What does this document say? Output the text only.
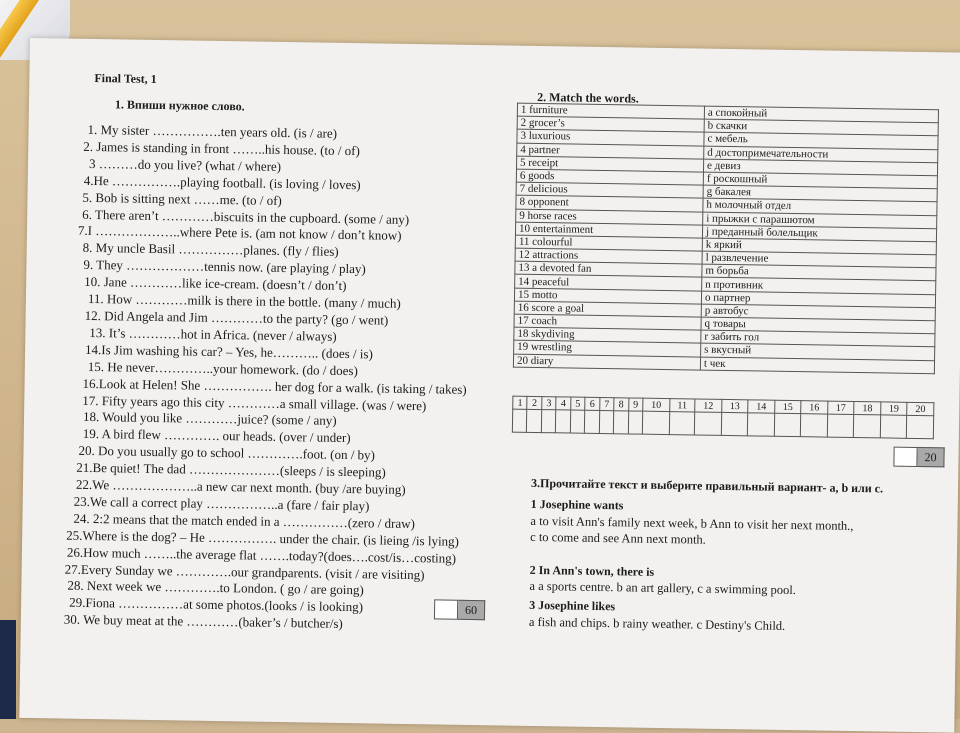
Final Test, 1
1. Впиши нужное слово.
1. My sister …………….ten years old. (is / are)
2. James is standing in front ……..his house. (to / of)
3 ………do you live? (what / where)
4.He …………….playing football. (is loving / loves)
5. Bob is sitting next ……me. (to / of)
6. There aren’t …………biscuits in the cupboard. (some / any)
7.I ………………..where Pete is. (am not know / don’t know)
8. My uncle Basil ……………planes. (fly / flies)
9. They ………………tennis now. (are playing / play)
10. Jane …………like ice-cream. (doesn’t / don’t)
11. How …………milk is there in the bottle. (many / much)
12. Did Angela and Jim …………to the party? (go / went)
13. It’s …………hot in Africa. (never / always)
14.Is Jim washing his car? – Yes, he……….. (does / is)
15. He never…………..your homework. (do / does)
16.Look at Helen! She ……………. her dog for a walk. (is taking / takes)
17. Fifty years ago this city …………a small village. (was / were)
18. Would you like …………juice? (some / any)
19. A bird flew …………. our heads. (over / under)
20. Do you usually go to school ………….foot. (on / by)
21.Be quiet! The dad …………………(sleeps / is sleeping)
22.We ………………..a new car next month. (buy /are buying)
23.We call a correct play ……………..a (fare / fair play)
24. 2:2 means that the match ended in a ……………(zero / draw)
25.Where is the dog? – He ……………. under the chair. (is lieing /is lying)
26.How much ……..the average flat …….today?(does….cost/is…costing)
27.Every Sunday we ………….our grandparents. (visit / are visiting)
28. Next week we ………….to London. ( go / are going)
29.Fiona ……………at some photos.(looks / is looking)
30. We buy meat at the …………(baker’s / butcher/s)
60
2. Match the words.
1 furniture	a спокойный
2 grocer’s	b скачки
3 luxurious	c мебель
4 partner	d достопримечательности
5 receipt	e девиз
6 goods	f роскошный
7 delicious	g бакалея
8 opponent	h молочный отдел
9 horse races	i прыжки с парашютом
10 entertainment	j преданный болельщик
11 colourful	k яркий
12 attractions	l развлечение
13 a devoted fan	m борьба
14 peaceful	n противник
15 motto	o партнер
16 score a goal	p автобус
17 coach	q товары
18 skydiving	r забить гол
19 wrestling	s вкусный
20 diary	t чек
1	2	3	4	5	6	7	8	9	10	11	12	13	14	15	16	17	18	19	20

20
3.Прочитайте текст и выберите правильный вариант- a, b или c.
1 Josephine wants
a to visit Ann's family next week, b Ann to visit her next month.,
c to come and see Ann next month.
2 In Ann's town, there is
a a sports centre. b an art gallery, c a swimming pool.
3 Josephine likes
a fish and chips. b rainy weather. c Destiny's Child.
